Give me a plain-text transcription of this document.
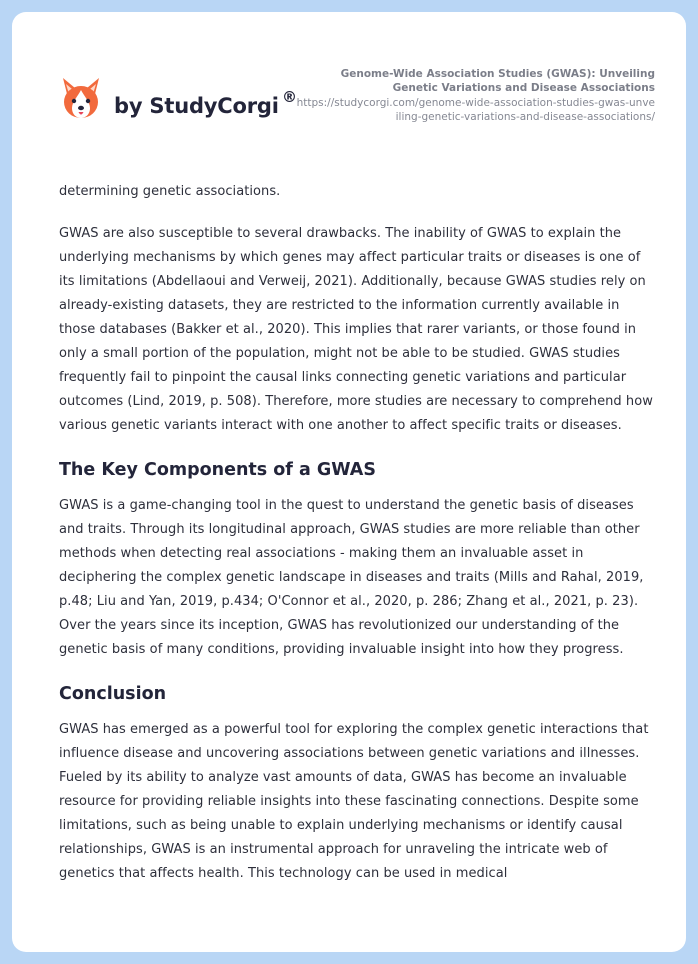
by StudyCorgi ®
Genome-Wide Association Studies (GWAS): Unveiling Genetic Variations and Disease Associations
https://studycorgi.com/genome-wide-association-studies-gwas-unveiling-genetic-variations-and-disease-associations/

determining genetic associations.

GWAS are also susceptible to several drawbacks. The inability of GWAS to explain the underlying mechanisms by which genes may affect particular traits or diseases is one of its limitations (Abdellaoui and Verweij, 2021). Additionally, because GWAS studies rely on already-existing datasets, they are restricted to the information currently available in those databases (Bakker et al., 2020). This implies that rarer variants, or those found in only a small portion of the population, might not be able to be studied. GWAS studies frequently fail to pinpoint the causal links connecting genetic variations and particular outcomes (Lind, 2019, p. 508). Therefore, more studies are necessary to comprehend how various genetic variants interact with one another to affect specific traits or diseases.

The Key Components of a GWAS

GWAS is a game-changing tool in the quest to understand the genetic basis of diseases and traits. Through its longitudinal approach, GWAS studies are more reliable than other methods when detecting real associations - making them an invaluable asset in deciphering the complex genetic landscape in diseases and traits (Mills and Rahal, 2019, p.48; Liu and Yan, 2019, p.434; O'Connor et al., 2020, p. 286; Zhang et al., 2021, p. 23). Over the years since its inception, GWAS has revolutionized our understanding of the genetic basis of many conditions, providing invaluable insight into how they progress.

Conclusion

GWAS has emerged as a powerful tool for exploring the complex genetic interactions that influence disease and uncovering associations between genetic variations and illnesses. Fueled by its ability to analyze vast amounts of data, GWAS has become an invaluable resource for providing reliable insights into these fascinating connections. Despite some limitations, such as being unable to explain underlying mechanisms or identify causal relationships, GWAS is an instrumental approach for unraveling the intricate web of genetics that affects health. This technology can be used in medical
